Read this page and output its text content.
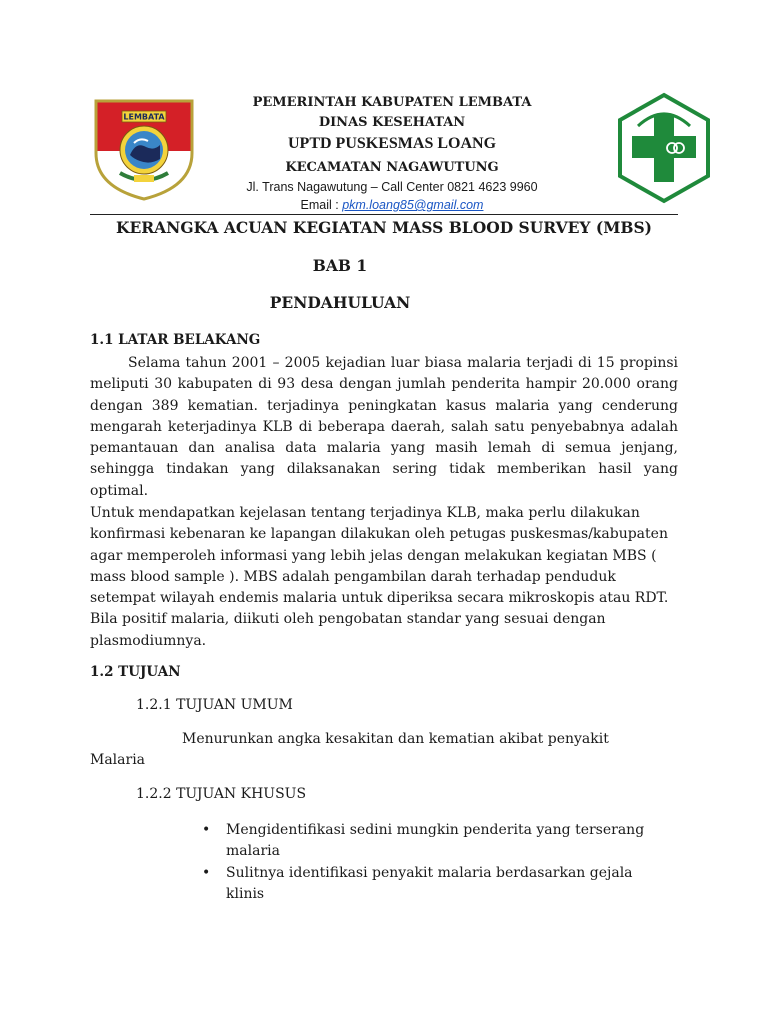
LEMBATA
PEMERINTAH KABUPATEN LEMBATA
DINAS KESEHATAN
UPTD PUSKESMAS LOANG
KECAMATAN NAGAWUTUNG
Jl. Trans Nagawutung – Call Center 0821 4623 9960
Email : pkm.loang85@gmail.com
KERANGKA ACUAN KEGIATAN MASS BLOOD SURVEY (MBS)
BAB 1
PENDAHULUAN
1.1 LATAR BELAKANG
Selama tahun 2001 – 2005 kejadian luar biasa malaria terjadi di 15 propinsi meliputi 30 kabupaten di 93 desa dengan jumlah penderita hampir 20.000 orang dengan 389 kematian. terjadinya peningkatan kasus malaria yang cenderung mengarah keterjadinya KLB di beberapa daerah, salah satu penyebabnya adalah pemantauan dan analisa data malaria yang masih lemah di semua jenjang, sehingga tindakan yang dilaksanakan sering tidak memberikan hasil yang optimal.
Untuk mendapatkan kejelasan tentang terjadinya KLB, maka perlu dilakukan konfirmasi kebenaran ke lapangan dilakukan oleh petugas puskesmas/kabupaten agar memperoleh informasi yang lebih jelas dengan melakukan kegiatan MBS ( mass blood sample ). MBS adalah pengambilan darah terhadap penduduk setempat wilayah endemis malaria untuk diperiksa secara mikroskopis atau RDT. Bila positif malaria, diikuti oleh pengobatan standar yang sesuai dengan plasmodiumnya.
1.2 TUJUAN
1.2.1 TUJUAN UMUM
Menurunkan angka kesakitan dan kematian akibat penyakit
Malaria
1.2.2 TUJUAN KHUSUS
• Mengidentifikasi sedini mungkin penderita yang terserang malaria
• Sulitnya identifikasi penyakit malaria berdasarkan gejala klinis
